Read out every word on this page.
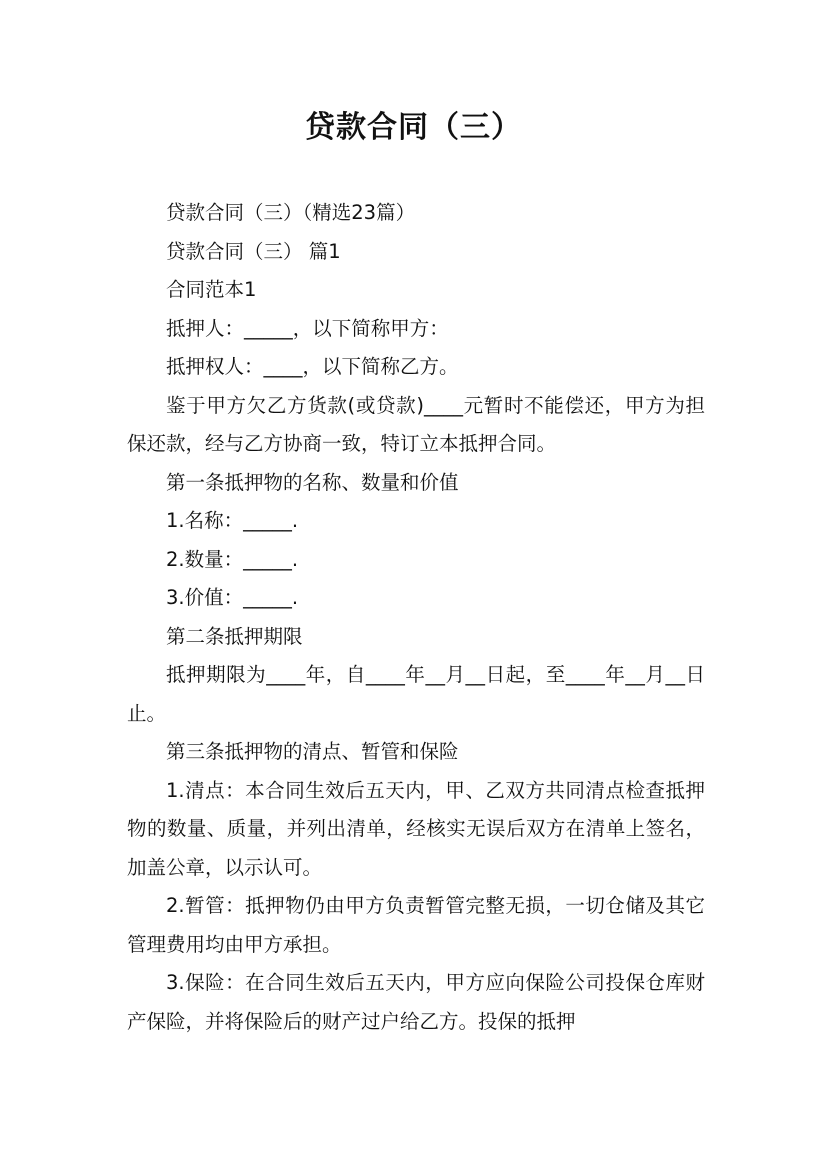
贷款合同（三）

贷款合同（三）（精选23篇）

贷款合同（三） 篇1

合同范本1

抵押人：_____，以下简称甲方：

抵押权人：____，以下简称乙方。

鉴于甲方欠乙方货款(或贷款)____元暂时不能偿还，甲方为担保还款，经与乙方协商一致，特订立本抵押合同。

第一条抵押物的名称、数量和价值

1.名称：_____.

2.数量：_____.

3.价值：_____.

第二条抵押期限

抵押期限为____年，自____年__月__日起，至____年__月__日止。

第三条抵押物的清点、暂管和保险

1.清点：本合同生效后五天内，甲、乙双方共同清点检查抵押物的数量、质量，并列出清单，经核实无误后双方在清单上签名，加盖公章，以示认可。

2.暂管：抵押物仍由甲方负责暂管完整无损，一切仓储及其它管理费用均由甲方承担。

3.保险：在合同生效后五天内，甲方应向保险公司投保仓库财产保险，并将保险后的财产过户给乙方。投保的抵押
